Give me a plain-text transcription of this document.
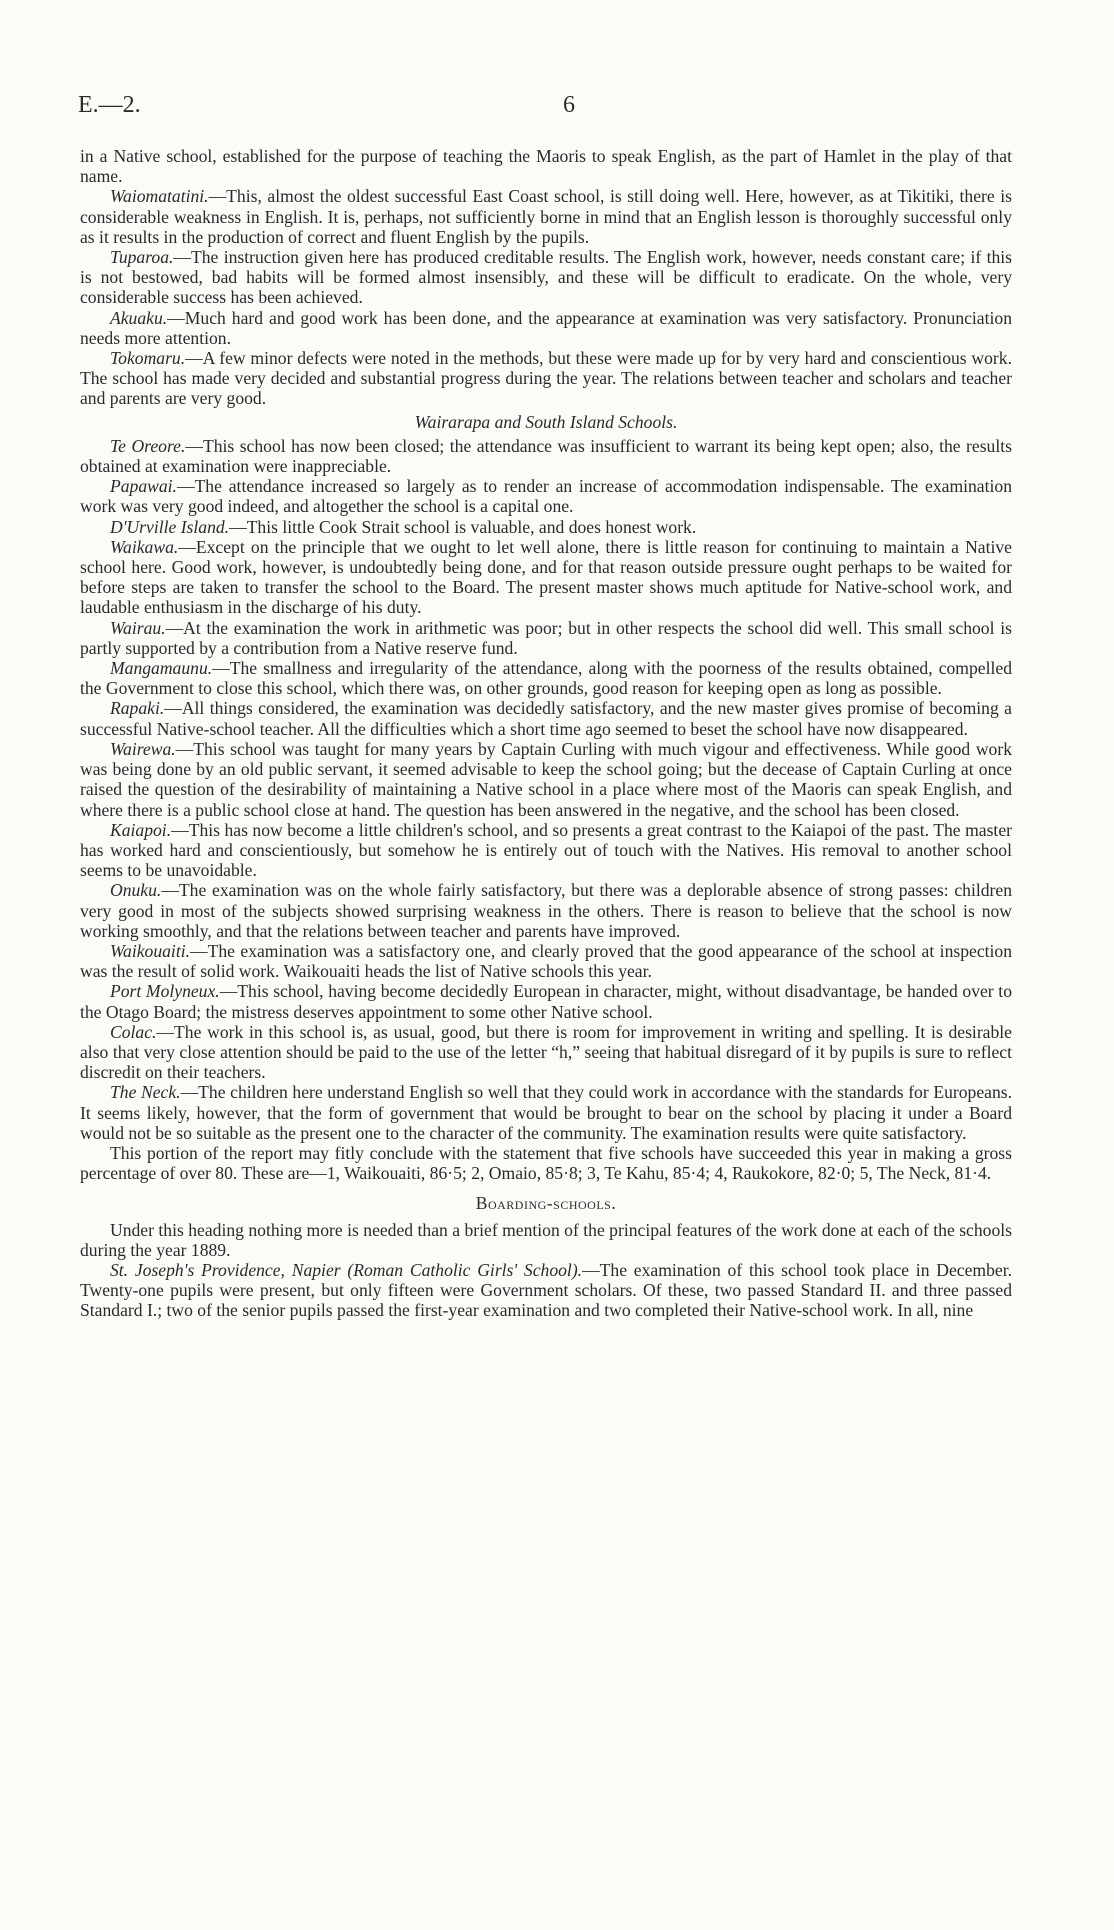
E.—2.	6

in a Native school, established for the purpose of teaching the Maoris to speak English, as the part of Hamlet in the play of that name.

Waiomatatini.—This, almost the oldest successful East Coast school, is still doing well. Here, however, as at Tikitiki, there is considerable weakness in English. It is, perhaps, not sufficiently borne in mind that an English lesson is thoroughly successful only as it results in the production of correct and fluent English by the pupils.

Tuparoa.—The instruction given here has produced creditable results. The English work, however, needs constant care; if this is not bestowed, bad habits will be formed almost insensibly, and these will be difficult to eradicate. On the whole, very considerable success has been achieved.

Akuaku.—Much hard and good work has been done, and the appearance at examination was very satisfactory. Pronunciation needs more attention.

Tokomaru.—A few minor defects were noted in the methods, but these were made up for by very hard and conscientious work. The school has made very decided and substantial progress during the year. The relations between teacher and scholars and teacher and parents are very good.

Wairarapa and South Island Schools.

Te Oreore.—This school has now been closed; the attendance was insufficient to warrant its being kept open; also, the results obtained at examination were inappreciable.

Papawai.—The attendance increased so largely as to render an increase of accommodation indispensable. The examination work was very good indeed, and altogether the school is a capital one.

D'Urville Island.—This little Cook Strait school is valuable, and does honest work.

Waikawa.—Except on the principle that we ought to let well alone, there is little reason for continuing to maintain a Native school here. Good work, however, is undoubtedly being done, and for that reason outside pressure ought perhaps to be waited for before steps are taken to transfer the school to the Board. The present master shows much aptitude for Native-school work, and laudable enthusiasm in the discharge of his duty.

Wairau.—At the examination the work in arithmetic was poor; but in other respects the school did well. This small school is partly supported by a contribution from a Native reserve fund.

Mangamaunu.—The smallness and irregularity of the attendance, along with the poorness of the results obtained, compelled the Government to close this school, which there was, on other grounds, good reason for keeping open as long as possible.

Rapaki.—All things considered, the examination was decidedly satisfactory, and the new master gives promise of becoming a successful Native-school teacher. All the difficulties which a short time ago seemed to beset the school have now disappeared.

Wairewa.—This school was taught for many years by Captain Curling with much vigour and effectiveness. While good work was being done by an old public servant, it seemed advisable to keep the school going; but the decease of Captain Curling at once raised the question of the desirability of maintaining a Native school in a place where most of the Maoris can speak English, and where there is a public school close at hand. The question has been answered in the negative, and the school has been closed.

Kaiapoi.—This has now become a little children's school, and so presents a great contrast to the Kaiapoi of the past. The master has worked hard and conscientiously, but somehow he is entirely out of touch with the Natives. His removal to another school seems to be unavoidable.

Onuku.—The examination was on the whole fairly satisfactory, but there was a deplorable absence of strong passes: children very good in most of the subjects showed surprising weakness in the others. There is reason to believe that the school is now working smoothly, and that the relations between teacher and parents have improved.

Waikouaiti.—The examination was a satisfactory one, and clearly proved that the good appearance of the school at inspection was the result of solid work. Waikouaiti heads the list of Native schools this year.

Port Molyneux.—This school, having become decidedly European in character, might, without disadvantage, be handed over to the Otago Board; the mistress deserves appointment to some other Native school.

Colac.—The work in this school is, as usual, good, but there is room for improvement in writing and spelling. It is desirable also that very close attention should be paid to the use of the letter “h,” seeing that habitual disregard of it by pupils is sure to reflect discredit on their teachers.

The Neck.—The children here understand English so well that they could work in accordance with the standards for Europeans. It seems likely, however, that the form of government that would be brought to bear on the school by placing it under a Board would not be so suitable as the present one to the character of the community. The examination results were quite satisfactory.

This portion of the report may fitly conclude with the statement that five schools have succeeded this year in making a gross percentage of over 80. These are—1, Waikouaiti, 86·5; 2, Omaio, 85·8; 3, Te Kahu, 85·4; 4, Raukokore, 82·0; 5, The Neck, 81·4.

Boarding-schools.

Under this heading nothing more is needed than a brief mention of the principal features of the work done at each of the schools during the year 1889.

St. Joseph's Providence, Napier (Roman Catholic Girls' School).—The examination of this school took place in December. Twenty-one pupils were present, but only fifteen were Government scholars. Of these, two passed Standard II. and three passed Standard I.; two of the senior pupils passed the first-year examination and two completed their Native-school work. In all, nine
